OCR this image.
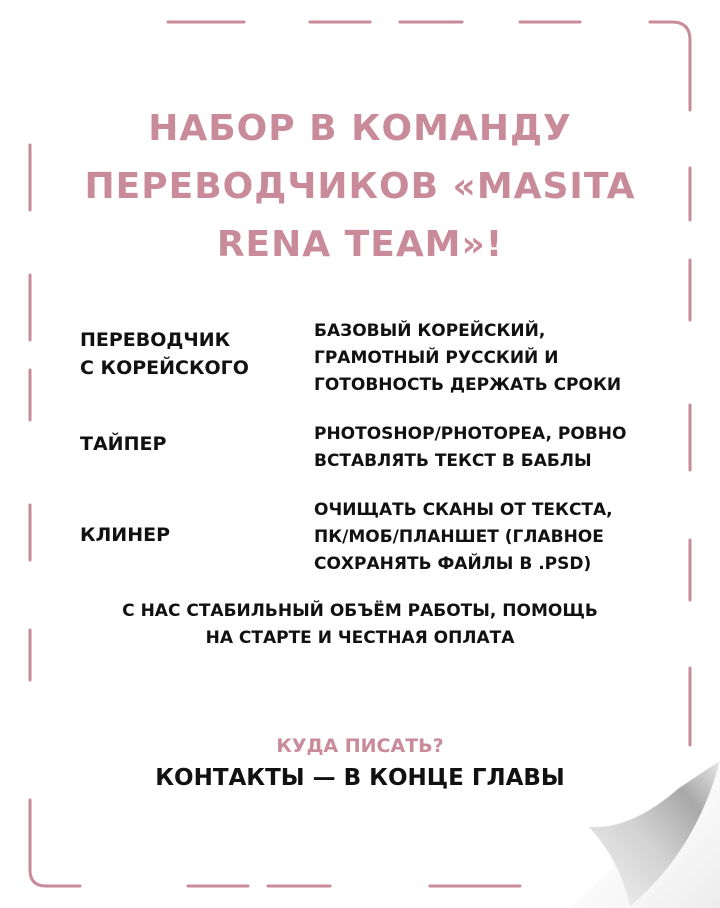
НАБОР В КОМАНДУ
ПЕРЕВОДЧИКОВ «MASITA
RENA TEAM»!
ПЕРЕВОДЧИК
С КОРЕЙСКОГО
БАЗОВЫЙ КОРЕЙСКИЙ,
ГРАМОТНЫЙ РУССКИЙ И
ГОТОВНОСТЬ ДЕРЖАТЬ СРОКИ
ТАЙПЕР	PHOTOSHOP/PHOTOPEA, РОВНО
ВСТАВЛЯТЬ ТЕКСТ В БАБЛЫ
КЛИНЕР
ОЧИЩАТЬ СКАНЫ ОТ ТЕКСТА,
ПК/МОБ/ПЛАНШЕТ (ГЛАВНОЕ
СОХРАНЯТЬ ФАЙЛЫ В .PSD)
С НАС СТАБИЛЬНЫЙ ОБЪЁМ РАБОТЫ, ПОМОЩЬ
НА СТАРТЕ И ЧЕСТНАЯ ОПЛАТА
КУДА ПИСАТЬ?
КОНТАКТЫ — В КОНЦЕ ГЛАВЫ
